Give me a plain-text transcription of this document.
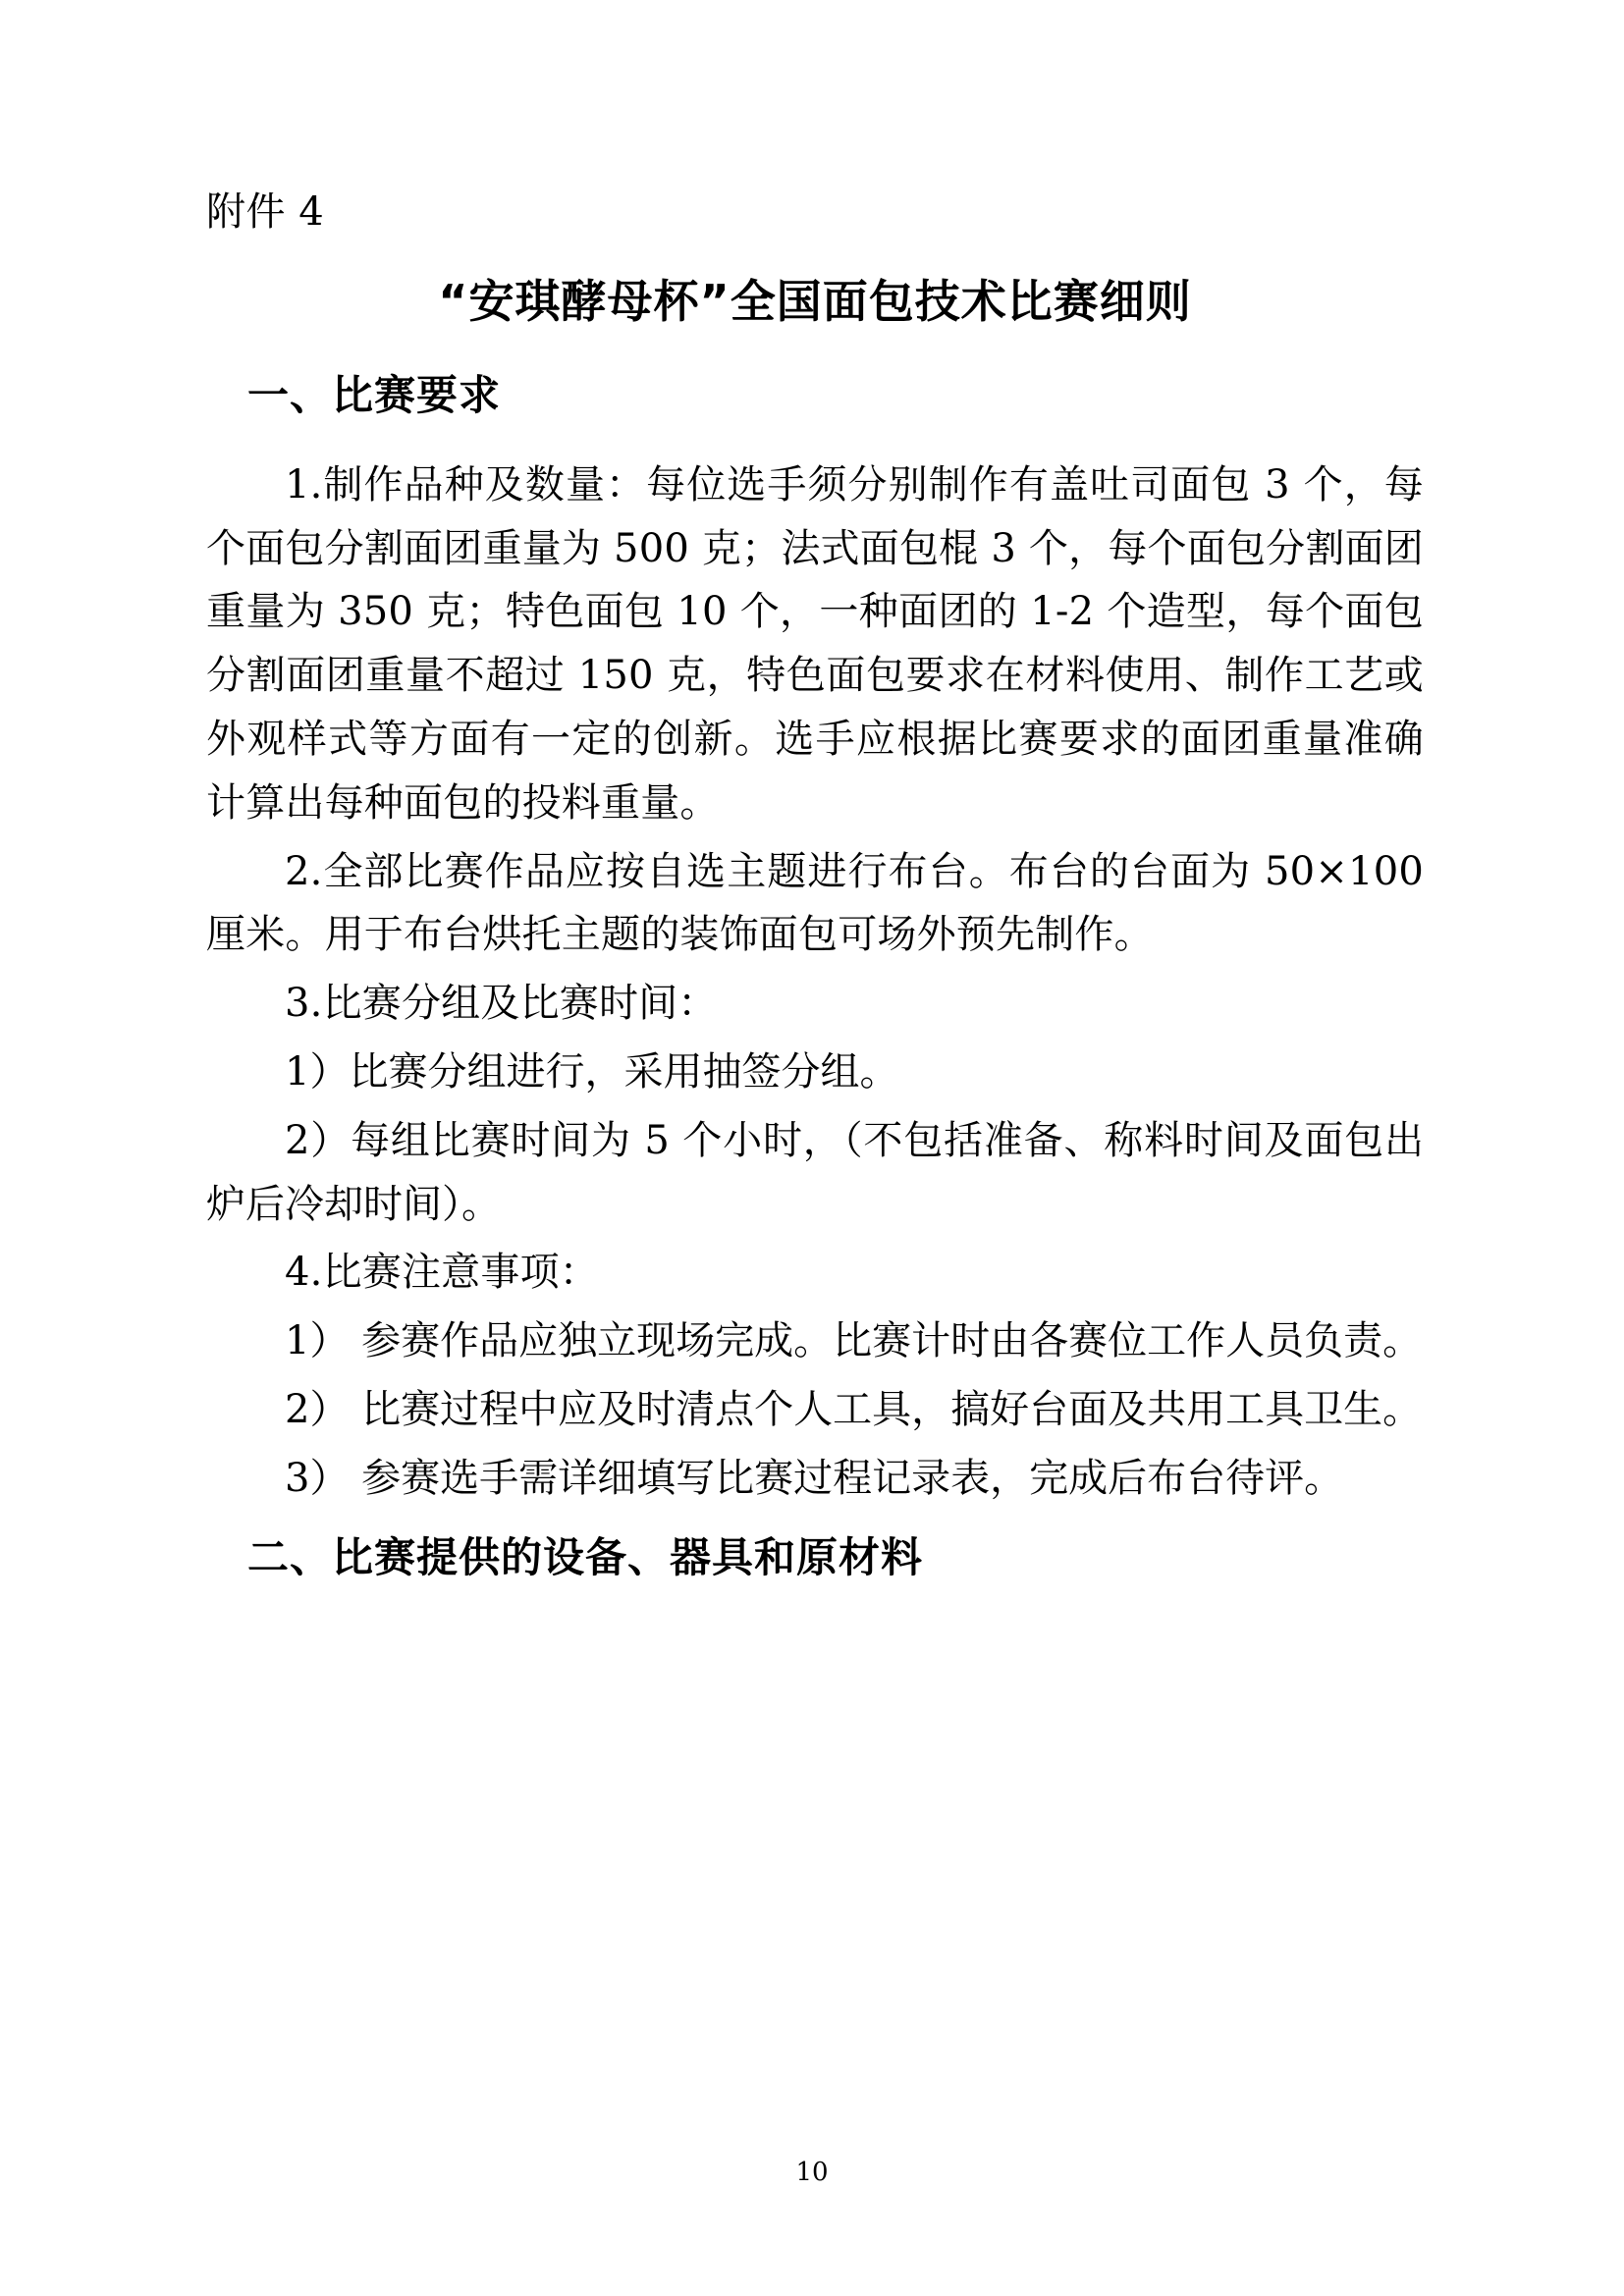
附件 4
“安琪酵母杯”全国面包技术比赛细则
一、比赛要求

1.制作品种及数量：每位选手须分别制作有盖吐司面包 3 个，每个面包分割面团重量为 500 克；法式面包棍 3 个，每个面包分割面团重量为 350 克；特色面包 10 个，一种面团的 1-2 个造型，每个面包分割面团重量不超过 150 克，特色面包要求在材料使用、制作工艺或外观样式等方面有一定的创新。选手应根据比赛要求的面团重量准确计算出每种面包的投料重量。

2.全部比赛作品应按自选主题进行布台。布台的台面为 50×100 厘米。用于布台烘托主题的装饰面包可场外预先制作。

3.比赛分组及比赛时间：

1）比赛分组进行，采用抽签分组。

2）每组比赛时间为 5 个小时，（不包括准备、称料时间及面包出炉后冷却时间）。

4.比赛注意事项：

1） 参赛作品应独立现场完成。比赛计时由各赛位工作人员负责。

2） 比赛过程中应及时清点个人工具，搞好台面及共用工具卫生。

3） 参赛选手需详细填写比赛过程记录表，完成后布台待评。

二、比赛提供的设备、器具和原材料
10
